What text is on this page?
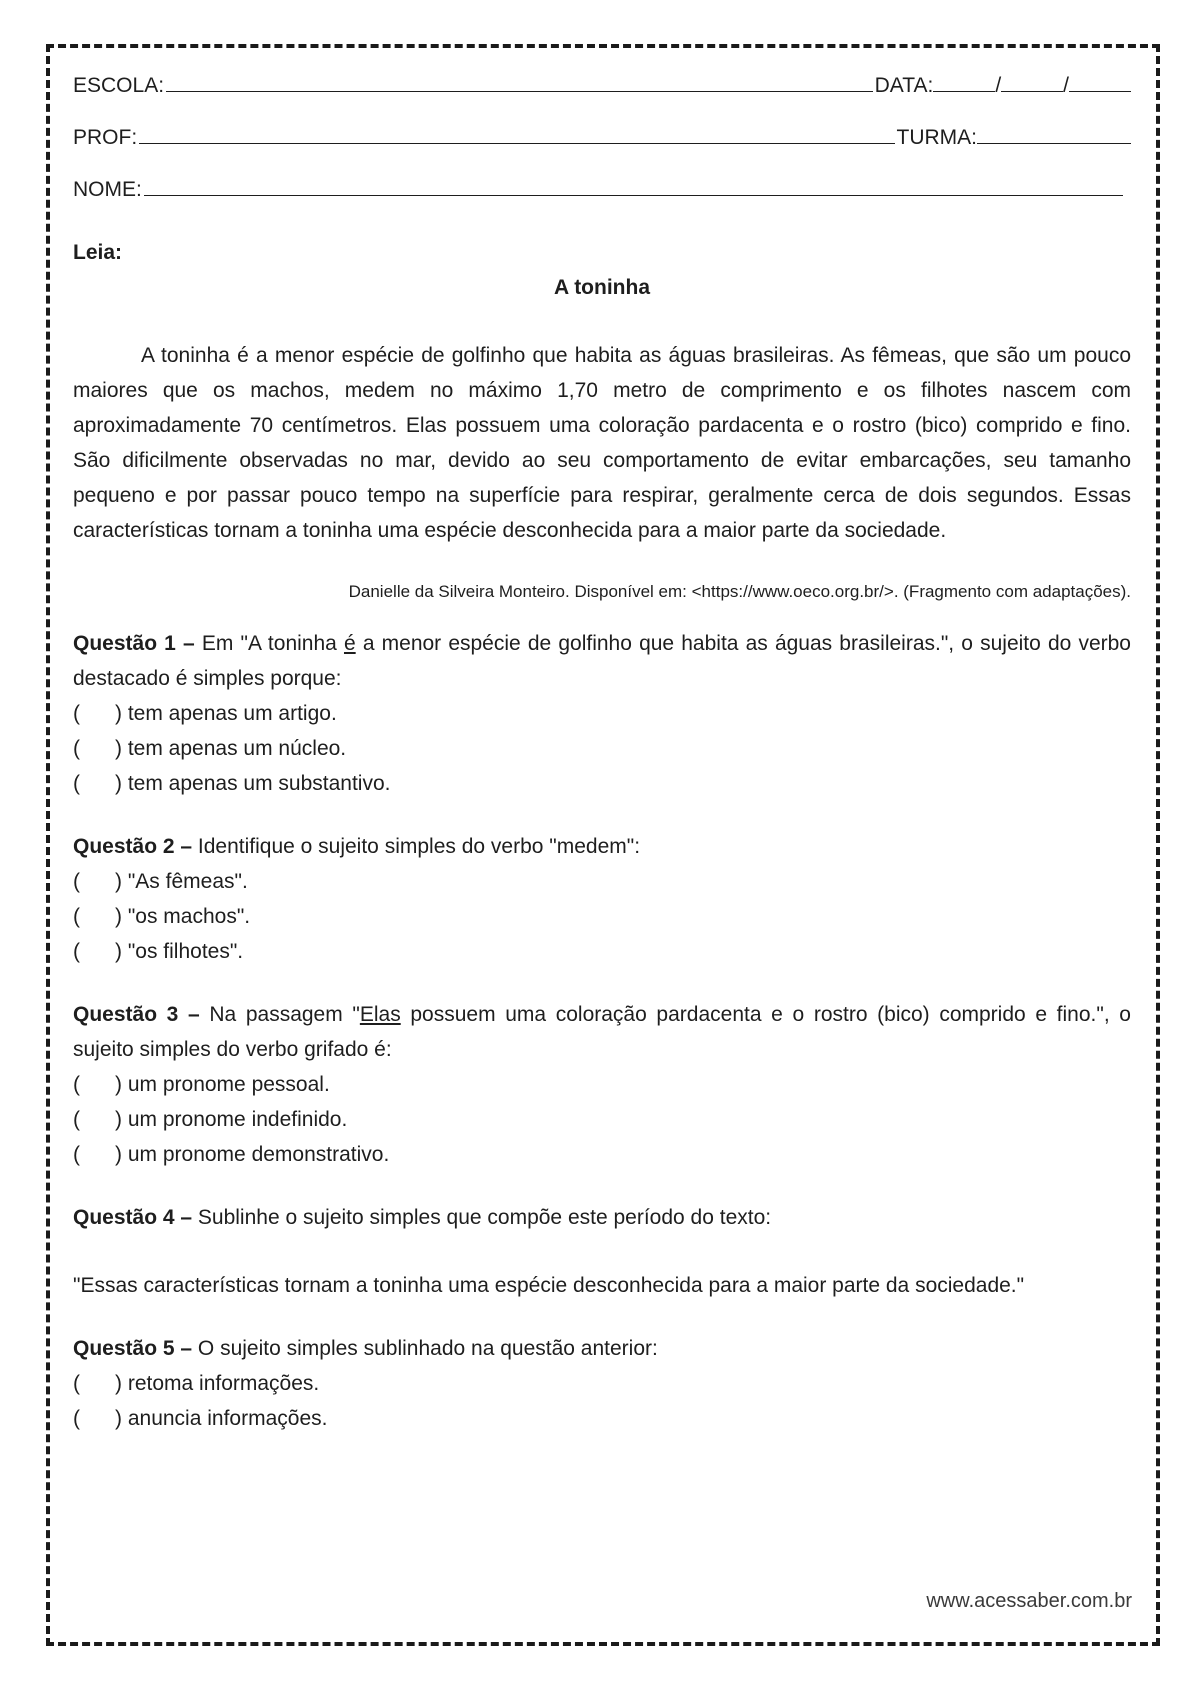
ESCOLA:	DATA:	/	/
PROF:	TURMA:
NOME:
Leia:
A toninha
A toninha é a menor espécie de golfinho que habita as águas brasileiras. As fêmeas, que são um pouco maiores que os machos, medem no máximo 1,70 metro de comprimento e os filhotes nascem com aproximadamente 70 centímetros. Elas possuem uma coloração pardacenta e o rostro (bico) comprido e fino. São dificilmente observadas no mar, devido ao seu comportamento de evitar embarcações, seu tamanho pequeno e por passar pouco tempo na superfície para respirar, geralmente cerca de dois segundos. Essas características tornam a toninha uma espécie desconhecida para a maior parte da sociedade.
Danielle da Silveira Monteiro. Disponível em: <https://www.oeco.org.br/>. (Fragmento com adaptações).
Questão 1 – Em "A toninha é a menor espécie de golfinho que habita as águas brasileiras.", o sujeito do verbo destacado é simples porque:
(	)
tem apenas um artigo.
(	)
tem apenas um núcleo.
(	)
tem apenas um substantivo.
Questão 2 – Identifique o sujeito simples do verbo "medem":
(	)
"As fêmeas".
(	)
"os machos".
(	)
"os filhotes".
Questão 3 – Na passagem "Elas possuem uma coloração pardacenta e o rostro (bico) comprido e fino.", o sujeito simples do verbo grifado é:
(	)
um pronome pessoal.
(	)
um pronome indefinido.
(	)
um pronome demonstrativo.
Questão 4 – Sublinhe o sujeito simples que compõe este período do texto:
"Essas características tornam a toninha uma espécie desconhecida para a maior parte da sociedade."
Questão 5 – O sujeito simples sublinhado na questão anterior:
(	)
retoma informações.
(	)
anuncia informações.
www.acessaber.com.br
